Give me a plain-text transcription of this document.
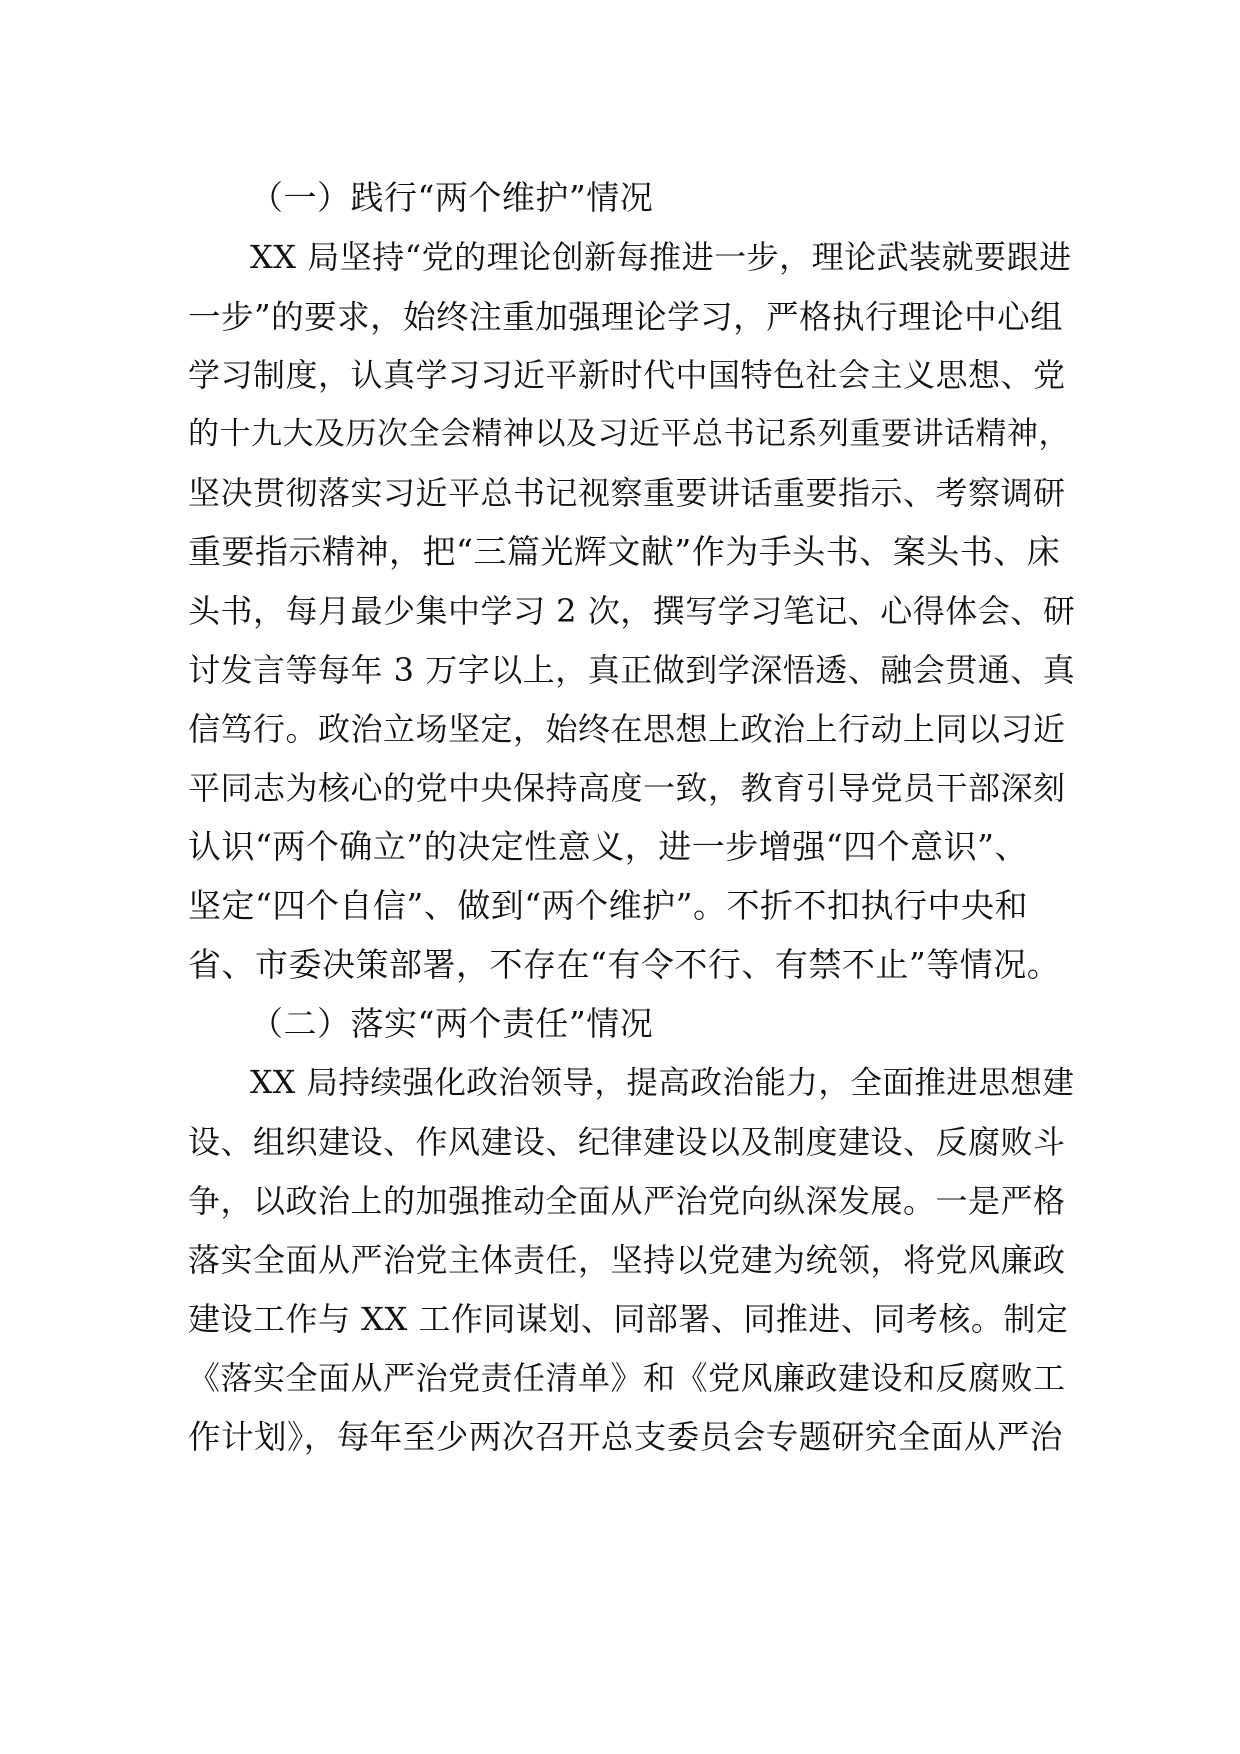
（一）践行“两个维护”情况
XX 局坚持“党的理论创新每推进一步，理论武装就要跟进
一步”的要求，始终注重加强理论学习，严格执行理论中心组
学习制度，认真学习习近平新时代中国特色社会主义思想、党
的十九大及历次全会精神以及习近平总书记系列重要讲话精神，
坚决贯彻落实习近平总书记视察重要讲话重要指示、考察调研
重要指示精神，把“三篇光辉文献”作为手头书、案头书、床
头书，每月最少集中学习 2 次，撰写学习笔记、心得体会、研
讨发言等每年 3 万字以上，真正做到学深悟透、融会贯通、真
信笃行。政治立场坚定，始终在思想上政治上行动上同以习近
平同志为核心的党中央保持高度一致，教育引导党员干部深刻
认识“两个确立”的决定性意义，进一步增强“四个意识”、
坚定“四个自信”、做到“两个维护”。不折不扣执行中央和
省、市委决策部署，不存在“有令不行、有禁不止”等情况。
（二）落实“两个责任”情况
XX 局持续强化政治领导，提高政治能力，全面推进思想建
设、组织建设、作风建设、纪律建设以及制度建设、反腐败斗
争，以政治上的加强推动全面从严治党向纵深发展。一是严格
落实全面从严治党主体责任，坚持以党建为统领，将党风廉政
建设工作与 XX 工作同谋划、同部署、同推进、同考核。制定
《落实全面从严治党责任清单》和《党风廉政建设和反腐败工
作计划》，每年至少两次召开总支委员会专题研究全面从严治
